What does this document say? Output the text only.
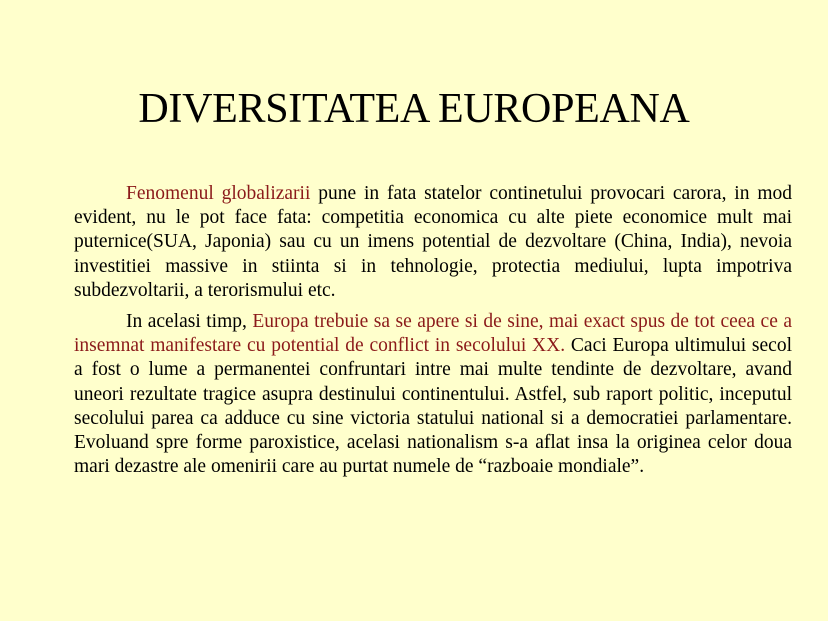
DIVERSITATEA EUROPEANA

Fenomenul globalizarii pune in fata statelor continetului provocari carora, in mod evident, nu le pot face fata: competitia economica cu alte piete economice mult mai puternice(SUA, Japonia) sau cu un imens potential de dezvoltare (China, India), nevoia investitiei massive in stiinta si in tehnologie, protectia mediului, lupta impotriva subdezvoltarii, a terorismului etc.

In acelasi timp, Europa trebuie sa se apere si de sine, mai exact spus de tot ceea ce a insemnat manifestare cu potential de conflict in secolului XX. Caci Europa ultimului secol a fost o lume a permanentei confruntari intre mai multe tendinte de dezvoltare, avand uneori rezultate tragice asupra destinului continentului. Astfel, sub raport politic, inceputul secolului parea ca adduce cu sine victoria statului national si a democratiei parlamentare. Evoluand spre forme paroxistice, acelasi nationalism s-a aflat insa la originea celor doua mari dezastre ale omenirii care au purtat numele de “razboaie mondiale”.
